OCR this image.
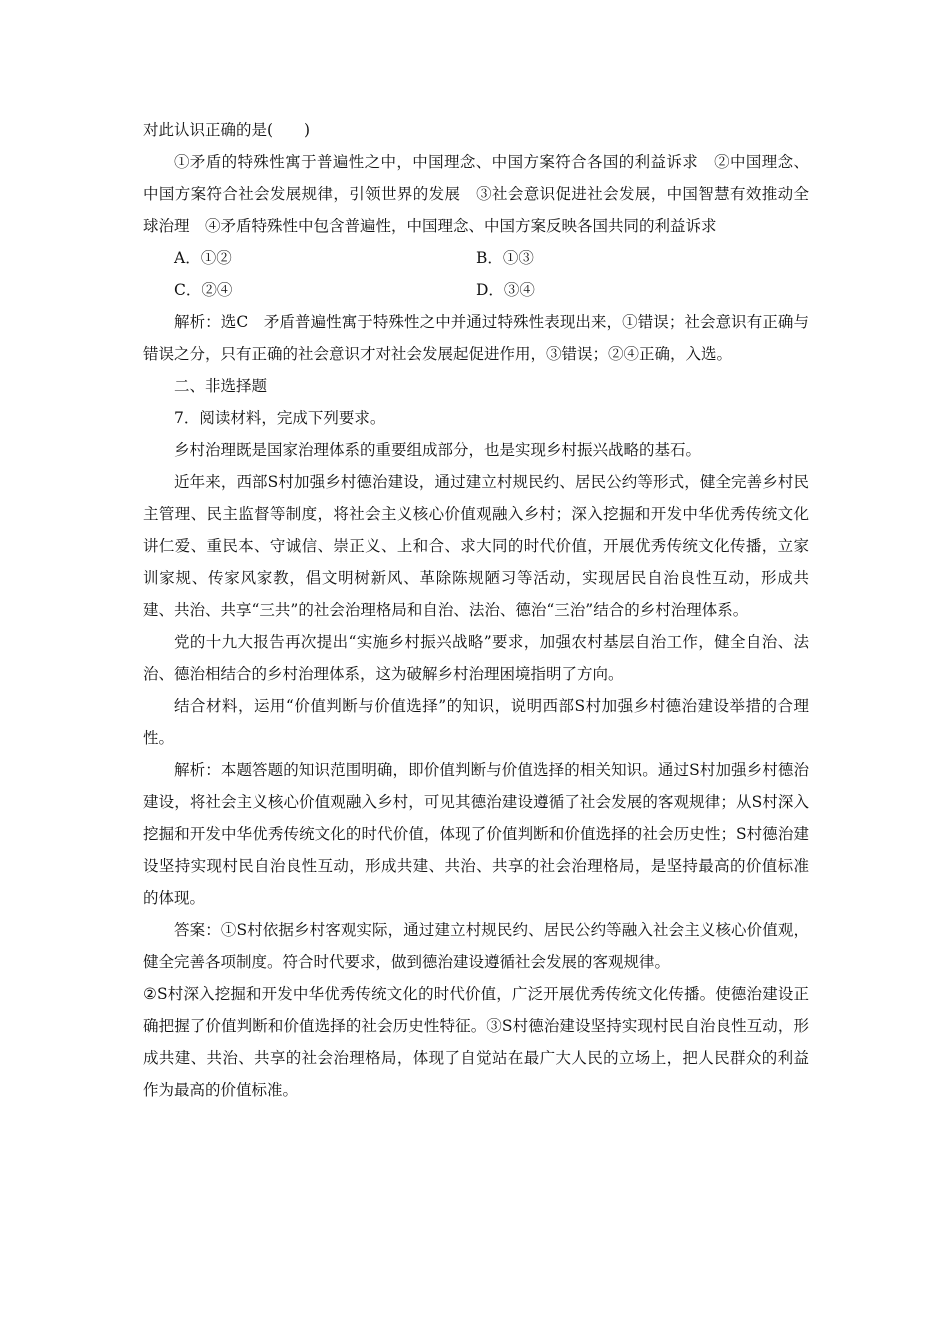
对此认识正确的是(　　)

①矛盾的特殊性寓于普遍性之中，中国理念、中国方案符合各国的利益诉求　②中国理念、中国方案符合社会发展规律，引领世界的发展　③社会意识促进社会发展，中国智慧有效推动全球治理　④矛盾特殊性中包含普遍性，中国理念、中国方案反映各国共同的利益诉求

A．①②	B．①③
C．②④	D．③④

解析：选C　矛盾普遍性寓于特殊性之中并通过特殊性表现出来，①错误；社会意识有正确与错误之分，只有正确的社会意识才对社会发展起促进作用，③错误；②④正确，入选。

二、非选择题

7．阅读材料，完成下列要求。

乡村治理既是国家治理体系的重要组成部分，也是实现乡村振兴战略的基石。

近年来，西部S村加强乡村德治建设，通过建立村规民约、居民公约等形式，健全完善乡村民主管理、民主监督等制度，将社会主义核心价值观融入乡村；深入挖掘和开发中华优秀传统文化讲仁爱、重民本、守诚信、崇正义、上和合、求大同的时代价值，开展优秀传统文化传播，立家训家规、传家风家教，倡文明树新风、革除陈规陋习等活动，实现居民自治良性互动，形成共建、共治、共享“三共”的社会治理格局和自治、法治、德治“三治”结合的乡村治理体系。

党的十九大报告再次提出“实施乡村振兴战略”要求，加强农村基层自治工作，健全自治、法治、德治相结合的乡村治理体系，这为破解乡村治理困境指明了方向。

结合材料，运用“价值判断与价值选择”的知识，说明西部S村加强乡村德治建设举措的合理性。

解析：本题答题的知识范围明确，即价值判断与价值选择的相关知识。通过S村加强乡村德治建设，将社会主义核心价值观融入乡村，可见其德治建设遵循了社会发展的客观规律；从S村深入挖掘和开发中华优秀传统文化的时代价值，体现了价值判断和价值选择的社会历史性；S村德治建设坚持实现村民自治良性互动，形成共建、共治、共享的社会治理格局，是坚持最高的价值标准的体现。

答案：①S村依据乡村客观实际，通过建立村规民约、居民公约等融入社会主义核心价值观，健全完善各项制度。符合时代要求，做到德治建设遵循社会发展的客观规律。

②S村深入挖掘和开发中华优秀传统文化的时代价值，广泛开展优秀传统文化传播。使德治建设正确把握了价值判断和价值选择的社会历史性特征。③S村德治建设坚持实现村民自治良性互动，形成共建、共治、共享的社会治理格局，体现了自觉站在最广大人民的立场上，把人民群众的利益作为最高的价值标准。
